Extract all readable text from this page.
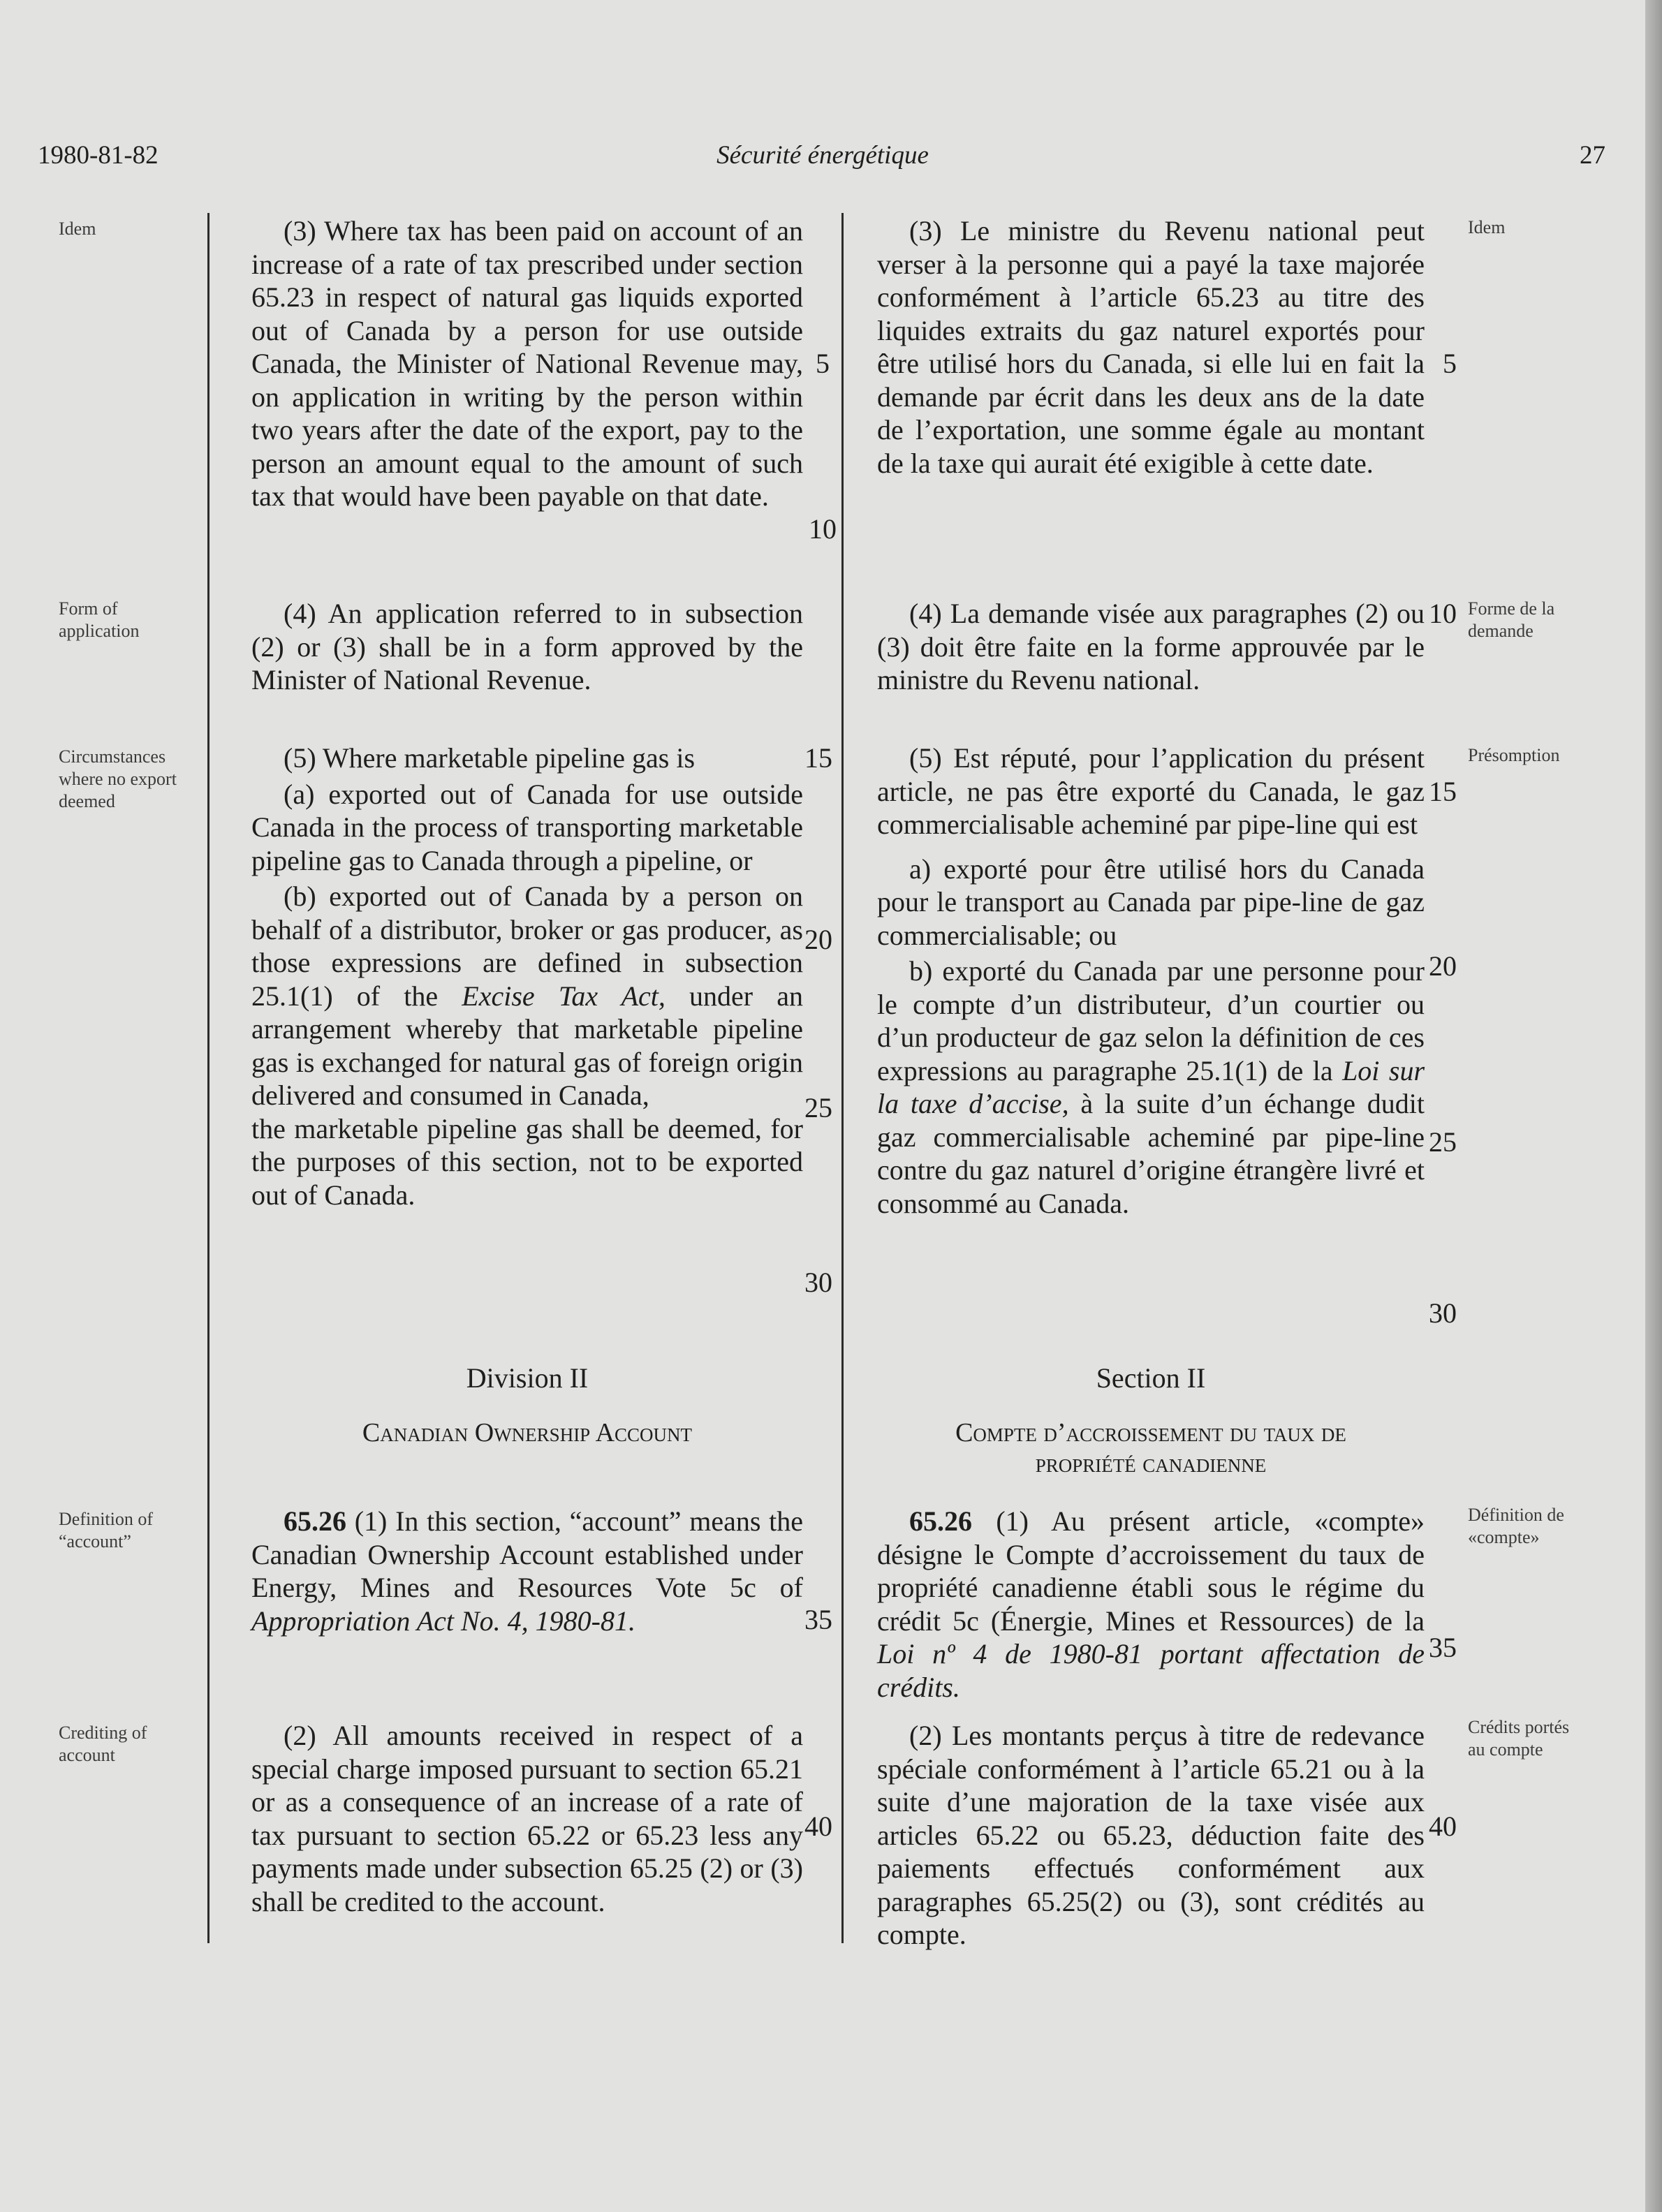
1980-81-82	Sécurité énergétique	27
Idem
Form of
application
Circumstances
where no export
deemed
Definition of
“account”
Crediting of
account
Idem
Forme de la
demande
Présomption
Définition de
«compte»
Crédits portés
au compte

(3) Where tax has been paid on account of an increase of a rate of tax prescribed under section 65.23 in respect of natural gas liquids exported out of Canada by a person for use outside Canada, the Minister of National Revenue may, on application in writing by the person within two years after the date of the export, pay to the person an amount equal to the amount of such tax that would have been payable on that date.

(4) An application referred to in subsection (2) or (3) shall be in a form approved by the Minister of National Revenue.

(5) Where marketable pipeline gas is

(a) exported out of Canada for use outside Canada in the process of transporting marketable pipeline gas to Canada through a pipeline, or

(b) exported out of Canada by a person on behalf of a distributor, broker or gas producer, as those expressions are defined in subsection 25.1(1) of the Excise Tax Act, under an arrangement whereby that marketable pipeline gas is exchanged for natural gas of foreign origin delivered and consumed in Canada,

the marketable pipeline gas shall be deemed, for the purposes of this section, not to be exported out of Canada.

Division II
Canadian Ownership Account

65.26 (1) In this section, “account” means the Canadian Ownership Account established under Energy, Mines and Resources Vote 5c of Appropriation Act No. 4, 1980-81.

(2) All amounts received in respect of a special charge imposed pursuant to section 65.21 or as a consequence of an increase of a rate of tax pursuant to section 65.22 or 65.23 less any payments made under subsection 65.25 (2) or (3) shall be credited to the account.

5
10
15
20
25
30
35
40

(3) Le ministre du Revenu national peut verser à la personne qui a payé la taxe majorée conformément à l’article 65.23 au titre des liquides extraits du gaz naturel exportés pour être utilisé hors du Canada, si elle lui en fait la demande par écrit dans les deux ans de la date de l’exportation, une somme égale au montant de la taxe qui aurait été exigible à cette date.

(4) La demande visée aux paragraphes (2) ou (3) doit être faite en la forme approuvée par le ministre du Revenu national.

(5) Est réputé, pour l’application du présent article, ne pas être exporté du Canada, le gaz commercialisable acheminé par pipe-line qui est

a) exporté pour être utilisé hors du Canada pour le transport au Canada par pipe-line de gaz commercialisable; ou

b) exporté du Canada par une personne pour le compte d’un distributeur, d’un courtier ou d’un producteur de gaz selon la définition de ces expressions au paragraphe 25.1(1) de la Loi sur la taxe d’accise, à la suite d’un échange dudit gaz commercialisable acheminé par pipe-line contre du gaz naturel d’origine étrangère livré et consommé au Canada.

Section II
Compte d’accroissement du taux de
propriété canadienne

65.26 (1) Au présent article, «compte» désigne le Compte d’accroissement du taux de propriété canadienne établi sous le régime du crédit 5c (Énergie, Mines et Ressources) de la Loi nº 4 de 1980-81 portant affectation de crédits.

(2) Les montants perçus à titre de redevance spéciale conformément à l’article 65.21 ou à la suite d’une majoration de la taxe visée aux articles 65.22 ou 65.23, déduction faite des paiements effectués conformément aux paragraphes 65.25(2) ou (3), sont crédités au compte.

5
10
15
20
25
30
35
40
